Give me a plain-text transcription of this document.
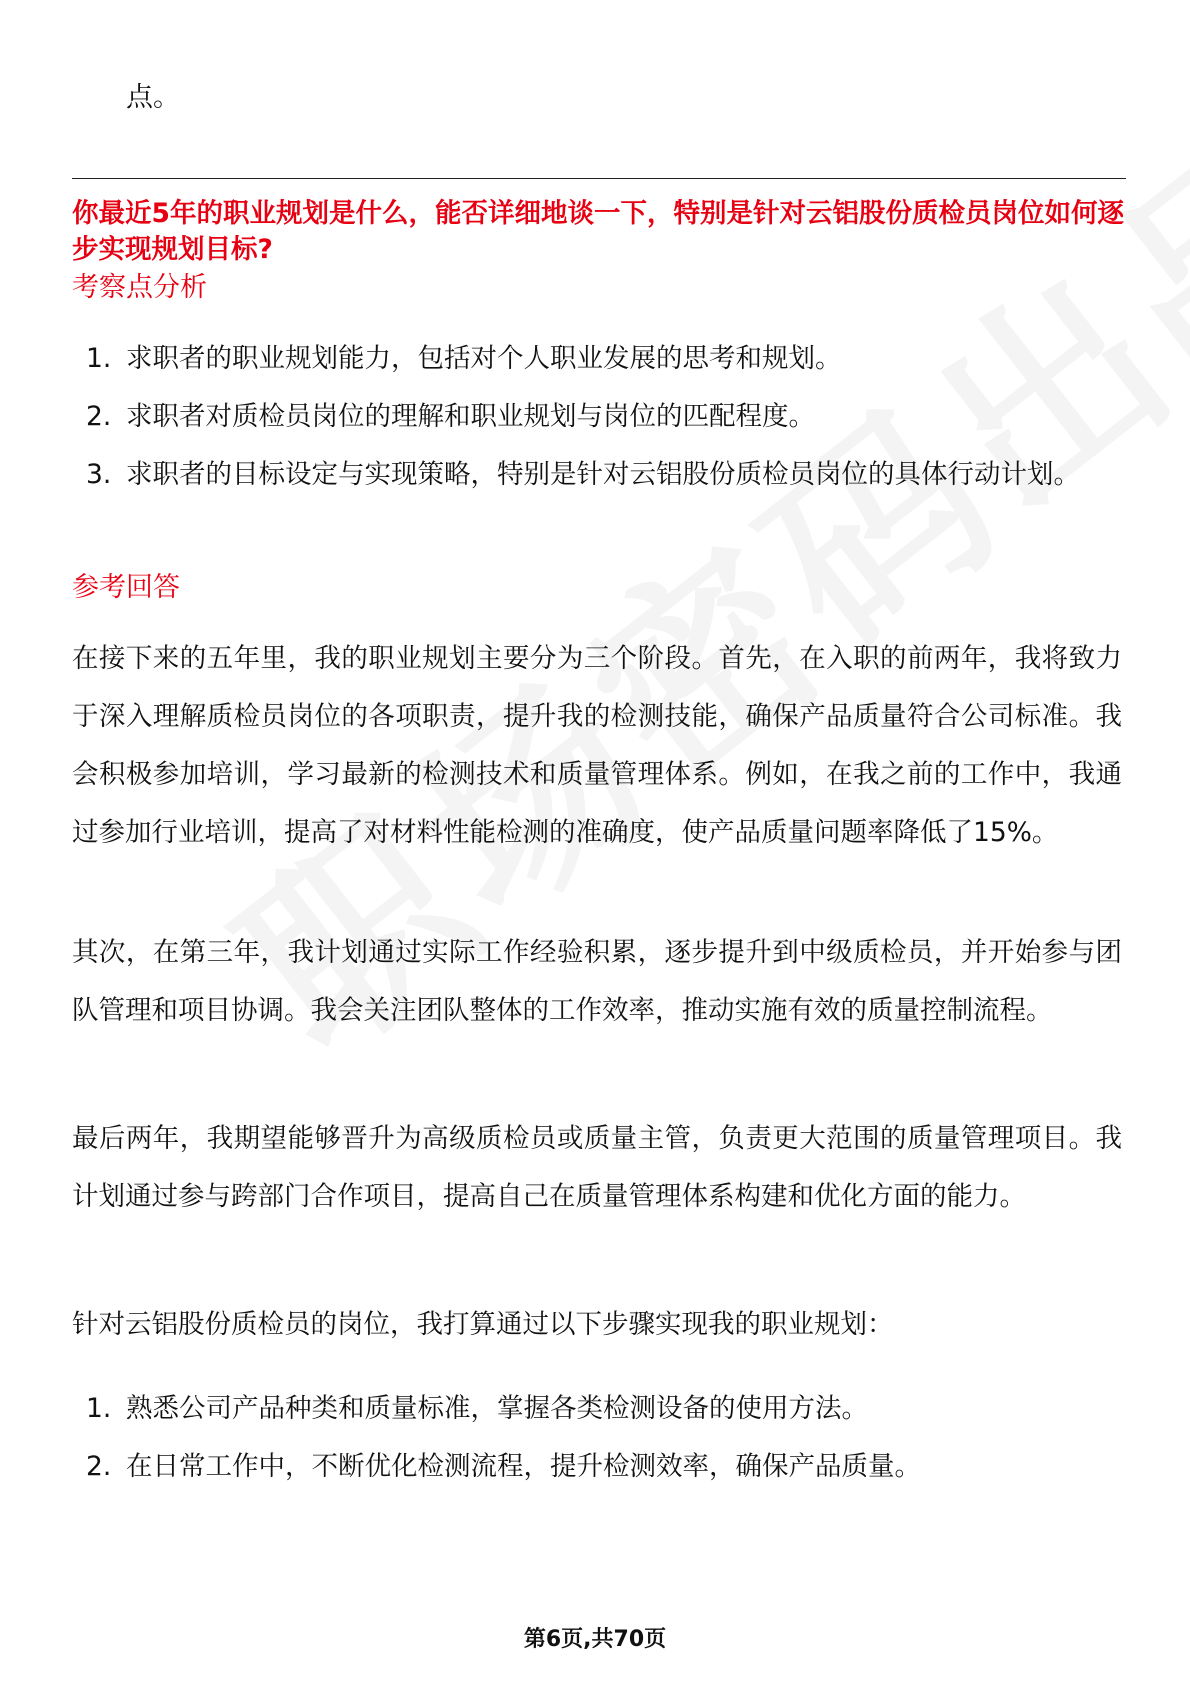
点。
你最近5年的职业规划是什么，能否详细地谈一下，特别是针对云铝股份质检员岗位如何逐步实现规划目标?
考察点分析
1. 求职者的职业规划能力，包括对个人职业发展的思考和规划。
2. 求职者对质检员岗位的理解和职业规划与岗位的匹配程度。
3. 求职者的目标设定与实现策略，特别是针对云铝股份质检员岗位的具体行动计划。
参考回答

在接下来的五年里，我的职业规划主要分为三个阶段。首先，在入职的前两年，我将致力于深入理解质检员岗位的各项职责，提升我的检测技能，确保产品质量符合公司标准。我会积极参加培训，学习最新的检测技术和质量管理体系。例如，在我之前的工作中，我通过参加行业培训，提高了对材料性能检测的准确度，使产品质量问题率降低了15%。

其次，在第三年，我计划通过实际工作经验积累，逐步提升到中级质检员，并开始参与团队管理和项目协调。我会关注团队整体的工作效率，推动实施有效的质量控制流程。

最后两年，我期望能够晋升为高级质检员或质量主管，负责更大范围的质量管理项目。我计划通过参与跨部门合作项目，提高自己在质量管理体系构建和优化方面的能力。

针对云铝股份质检员的岗位，我打算通过以下步骤实现我的职业规划：

1. 熟悉公司产品种类和质量标准，掌握各类检测设备的使用方法。
2. 在日常工作中，不断优化检测流程，提升检测效率，确保产品质量。
第6页,共70页
